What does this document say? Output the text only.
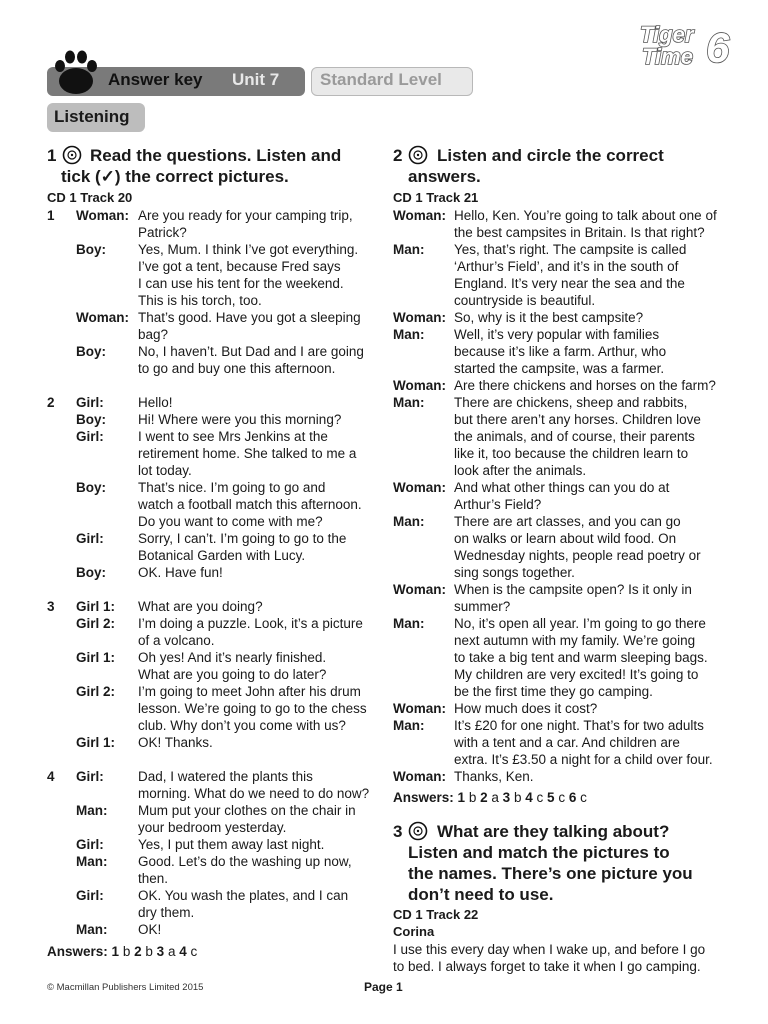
Tiger
Time 6
Answer key Unit 7 Standard Level
Listening
1 Read the questions. Listen and
tick (✓) the correct pictures.
CD 1 Track 20
1 Woman: Are you ready for your camping trip,
Patrick?
Boy: Yes, Mum. I think I’ve got everything.
I’ve got a tent, because Fred says
I can use his tent for the weekend.
This is his torch, too.
Woman: That’s good. Have you got a sleeping
bag?
Boy: No, I haven’t. But Dad and I are going
to go and buy one this afternoon.
2 Girl:	Hello!
Boy: Hi! Where were you this morning?
Girl:	I went to see Mrs Jenkins at the
retirement home. She talked to me a
lot today.
Boy: That’s nice. I’m going to go and
watch a football match this afternoon.
Do you want to come with me?
Girl:	Sorry, I can’t. I’m going to go to the
Botanical Garden with Lucy.
Boy: OK. Have fun!
3 Girl 1: What are you doing?
Girl 2: I’m doing a puzzle. Look, it’s a picture
of a volcano.
Girl 1: Oh yes! And it’s nearly finished.
What are you going to do later?
Girl 2: I’m going to meet John after his drum
lesson. We’re going to go to the chess
club. Why don’t you come with us?
Girl 1: OK! Thanks.
4 Girl:	Dad, I watered the plants this
morning. What do we need to do now?
Man: Mum put your clothes on the chair in
your bedroom yesterday.
Girl:	Yes, I put them away last night.
Man: Good. Let’s do the washing up now,
then.
Girl:	OK. You wash the plates, and I can
dry them.
Man: OK!
Answers: 1 b 2 b 3 a 4 c
2 Listen and circle the correct
answers.
CD 1 Track 21
Woman: Hello, Ken. You’re going to talk about one of
the best campsites in Britain. Is that right?
Man: Yes, that’s right. The campsite is called
‘Arthur’s Field’, and it’s in the south of
England. It’s very near the sea and the
countryside is beautiful.
Woman: So, why is it the best campsite?
Man: Well, it’s very popular with families
because it’s like a farm. Arthur, who
started the campsite, was a farmer.
Woman: Are there chickens and horses on the farm?
Man: There are chickens, sheep and rabbits,
but there aren’t any horses. Children love
the animals, and of course, their parents
like it, too because the children learn to
look after the animals.
Woman: And what other things can you do at
Arthur’s Field?
Man: There are art classes, and you can go
on walks or learn about wild food. On
Wednesday nights, people read poetry or
sing songs together.
Woman: When is the campsite open? Is it only in
summer?
Man: No, it’s open all year. I’m going to go there
next autumn with my family. We’re going
to take a big tent and warm sleeping bags.
My children are very excited! It’s going to
be the first time they go camping.
Woman: How much does it cost?
Man: It’s £20 for one night. That’s for two adults
with a tent and a car. And children are
extra. It’s £3.50 a night for a child over four.
Woman: Thanks, Ken.
Answers: 1 b 2 a 3 b 4 c 5 c 6 c
3 What are they talking about?
Listen and match the pictures to
the names. There’s one picture you
don’t need to use.
CD 1 Track 22
Corina
I use this every day when I wake up, and before I go
to bed. I always forget to take it when I go camping.
© Macmillan Publishers Limited 2015	Page 1
